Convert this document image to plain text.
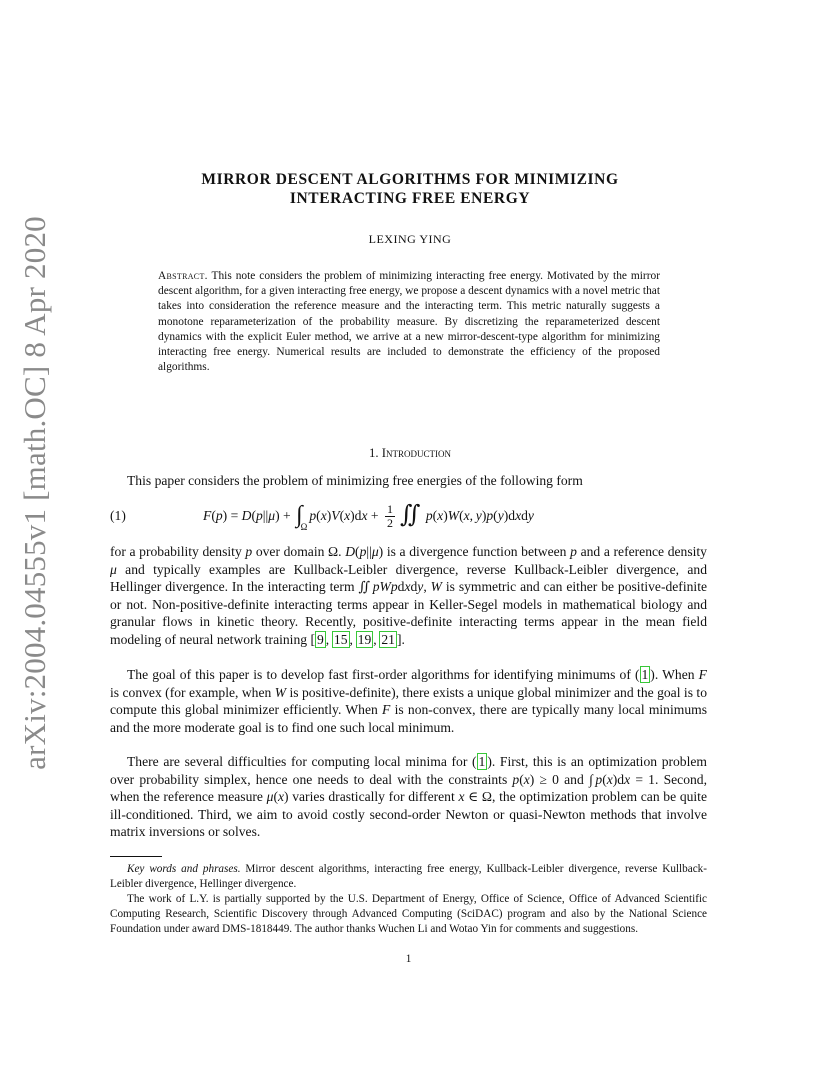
arXiv:2004.04555v1 [math.OC] 8 Apr 2020
MIRROR DESCENT ALGORITHMS FOR MINIMIZING
INTERACTING FREE ENERGY
LEXING YING
Abstract. This note considers the problem of minimizing interacting free energy. Motivated by the mirror descent algorithm, for a given interacting free energy, we propose a descent dynamics with a novel metric that takes into consideration the reference measure and the interacting term. This metric naturally suggests a monotone reparameterization of the probability measure. By discretizing the reparameterized descent dynamics with the explicit Euler method, we arrive at a new mirror-descent-type algorithm for minimizing interacting free energy. Numerical results are included to demonstrate the efficiency of the proposed algorithms.
1. Introduction
This paper considers the problem of minimizing free energies of the following form
(1)	F ( p ) = D ( p || μ ) + ∫
Ω
p ( x ) V ( x )d $x + \frac{1}{2}$ ∬
p ( x ) W ( x ,  y ) p ( y )d x d y
for a probability density p over domain Ω. D(p||μ) is a divergence function between p and a reference density μ and typically examples are Kullback-Leibler divergence, reverse Kullback-Leibler divergence, and Hellinger divergence. In the interacting term ∬ pWpdxdy, W is symmetric and can either be positive-definite or not. Non-positive-definite interacting terms appear in Keller-Segel models in mathematical biology and granular flows in kinetic theory. Recently, positive-definite interacting terms appear in the mean field modeling of neural network training [ 9 , 15 , 19 , 21 ].
The goal of this paper is to develop fast first-order algorithms for identifying minimums of ( 1 ). When F is convex (for example, when W is positive-definite), there exists a unique global minimizer and the goal is to compute this global minimizer efficiently. When F is non-convex, there are typically many local minimums and the more moderate goal is to find one such local minimum.
There are several difficulties for computing local minima for ( 1 ). First, this is an optimization problem over probability simplex, hence one needs to deal with the constraints p(x) ≥ 0 and ∫ p(x)dx = 1. Second, when the reference measure μ(x) varies drastically for different x ∈ Ω, the optimization problem can be quite ill-conditioned. Third, we aim to avoid costly second-order Newton or quasi-Newton methods that involve matrix inversions or solves.
Key words and phrases. Mirror descent algorithms, interacting free energy, Kullback-Leibler divergence, reverse Kullback-Leibler divergence, Hellinger divergence.
The work of L.Y. is partially supported by the U.S. Department of Energy, Office of Science, Office of Advanced Scientific Computing Research, Scientific Discovery through Advanced Computing (SciDAC) program and also by the National Science Foundation under award DMS-1818449. The author thanks Wuchen Li and Wotao Yin for comments and suggestions.
1
